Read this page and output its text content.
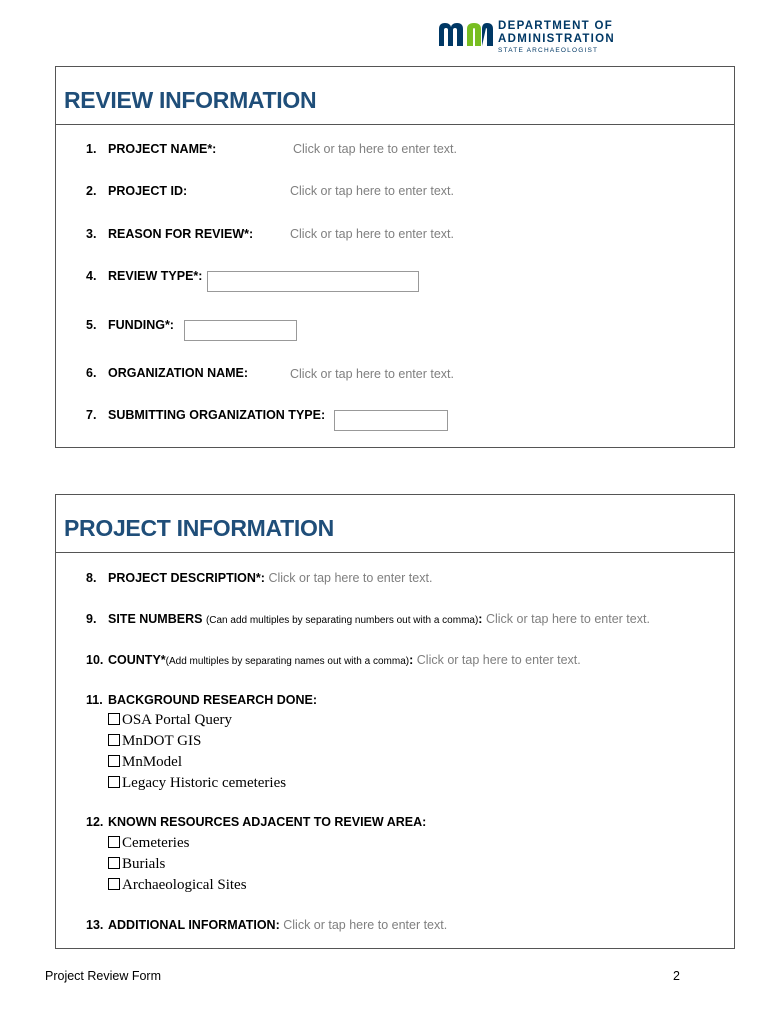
DEPARTMENT OF
ADMINISTRATION
STATE ARCHAEOLOGIST
REVIEW INFORMATION
1. PROJECT NAME*:	Click or tap here to enter text.
2. PROJECT ID:	Click or tap here to enter text.
3. REASON FOR REVIEW*:	Click or tap here to enter text.
4. REVIEW TYPE*:
5. FUNDING*:
6. ORGANIZATION NAME:	Click or tap here to enter text.
7. SUBMITTING ORGANIZATION TYPE:
PROJECT INFORMATION
8. PROJECT DESCRIPTION*: Click or tap here to enter text.
9. SITE NUMBERS (Can add multiples by separating numbers out with a comma): Click or tap here to enter text.
10. COUNTY*(Add multiples by separating names out with a comma): Click or tap here to enter text.
11. BACKGROUND RESEARCH DONE:
OSA Portal Query
MnDOT GIS
MnModel
Legacy Historic cemeteries
12. KNOWN RESOURCES ADJACENT TO REVIEW AREA:
Cemeteries
Burials
Archaeological Sites
13. ADDITIONAL INFORMATION: Click or tap here to enter text.
Project Review Form	2
